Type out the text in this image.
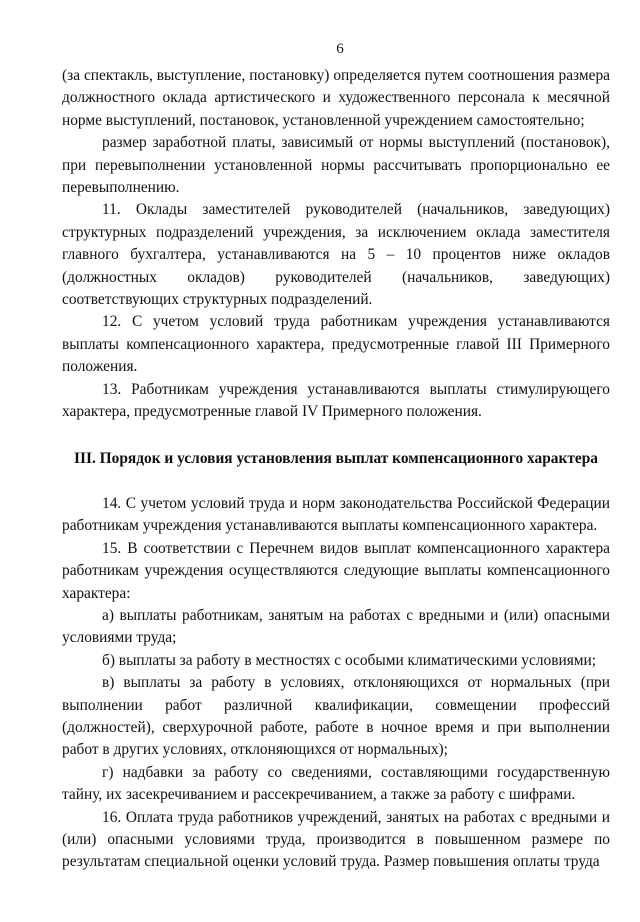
6

(за спектакль, выступление, постановку) определяется путем соотношения размера должностного оклада артистического и художественного персонала к месячной норме выступлений, постановок, установленной учреждением самостоятельно;

размер заработной платы, зависимый от нормы выступлений (постановок), при перевыполнении установленной нормы рассчитывать пропорционально ее перевыполнению.

11. Оклады заместителей руководителей (начальников, заведующих) структурных подразделений учреждения, за исключением оклада заместителя главного бухгалтера, устанавливаются на 5 – 10 процентов ниже окладов (должностных окладов) руководителей (начальников, заведующих) соответствующих структурных подразделений.

12. С учетом условий труда работникам учреждения устанавливаются выплаты компенсационного характера, предусмотренные главой III Примерного положения.

13. Работникам учреждения устанавливаются выплаты стимулирующего характера, предусмотренные главой IV Примерного положения.

III. Порядок и условия установления выплат компенсационного характера

14. С учетом условий труда и норм законодательства Российской Федерации работникам учреждения устанавливаются выплаты компенсационного характера.

15. В соответствии с Перечнем видов выплат компенсационного характера работникам учреждения осуществляются следующие выплаты компенсационного характера:

а) выплаты работникам, занятым на работах с вредными и (или) опасными условиями труда;

б) выплаты за работу в местностях с особыми климатическими условиями;

в) выплаты за работу в условиях, отклоняющихся от нормальных (при выполнении работ различной квалификации, совмещении профессий (должностей), сверхурочной работе, работе в ночное время и при выполнении работ в других условиях, отклоняющихся от нормальных);

г) надбавки за работу со сведениями, составляющими государственную тайну, их засекречиванием и рассекречиванием, а также за работу с шифрами.

16. Оплата труда работников учреждений, занятых на работах с вредными и (или) опасными условиями труда, производится в повышенном размере по результатам специальной оценки условий труда. Размер повышения оплаты труда
